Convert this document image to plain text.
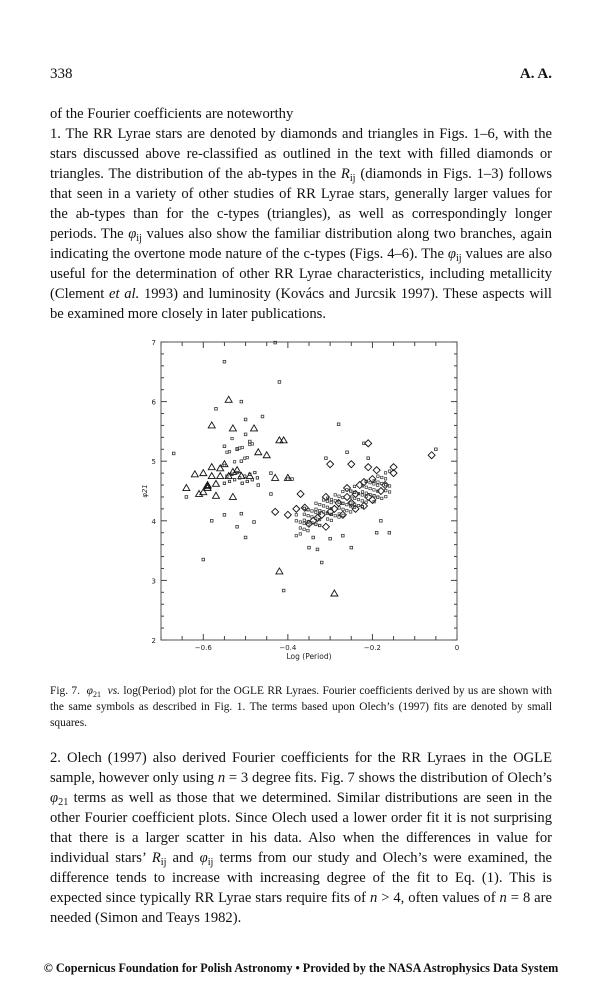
338	A. A.

of the Fourier coefficients are noteworthy

1. The RR Lyrae stars are denoted by diamonds and triangles in Figs. 1–6, with the stars discussed above re-classified as outlined in the text with filled diamonds or triangles. The distribution of the ab-types in the $R_{ij}$ (diamonds in Figs. 1–3) follows that seen in a variety of other studies of RR Lyrae stars, generally larger values for the ab-types than for the c-types (triangles), as well as correspondingly longer periods. The $\varphi_{ij}$ values also show the familiar distribution along two branches, again indicating the overtone mode nature of the c-types (Figs. 4–6). The $\varphi_{ij}$ values are also useful for the determination of other RR Lyrae characteristics, including metallicity (Clement et al. 1993) and luminosity (Kovács and Jurcsik 1997). These aspects will be examined more closely in later publications.

−0.6	−0.4	−0.2	0
2
3
4
5
6
7
Log (Period)
φ21
Fig. 7. $\varphi_{21}$ vs. log(Period) plot for the OGLE RR Lyraes. Fourier coefficients derived by us are shown with the same symbols as described in Fig. 1. The terms based upon Olech’s (1997) fits are denoted by small squares.

2. Olech (1997) also derived Fourier coefficients for the RR Lyraes in the OGLE sample, however only using n = 3 degree fits. Fig. 7 shows the distribution of Olech’s $\varphi_{21}$ terms as well as those that we determined. Similar distributions are seen in the other Fourier coefficient plots. Since Olech used a lower order fit it is not surprising that there is a larger scatter in his data. Also when the differences in value for individual stars’ $R_{ij}$ and $\varphi_{ij}$ terms from our study and Olech’s were examined, the difference tends to increase with increasing degree of the fit to Eq. (1). This is expected since typically RR Lyrae stars require fits of n > 4, often values of n = 8 are needed (Simon and Teays 1982).

© Copernicus Foundation for Polish Astronomy • Provided by the NASA Astrophysics Data System
